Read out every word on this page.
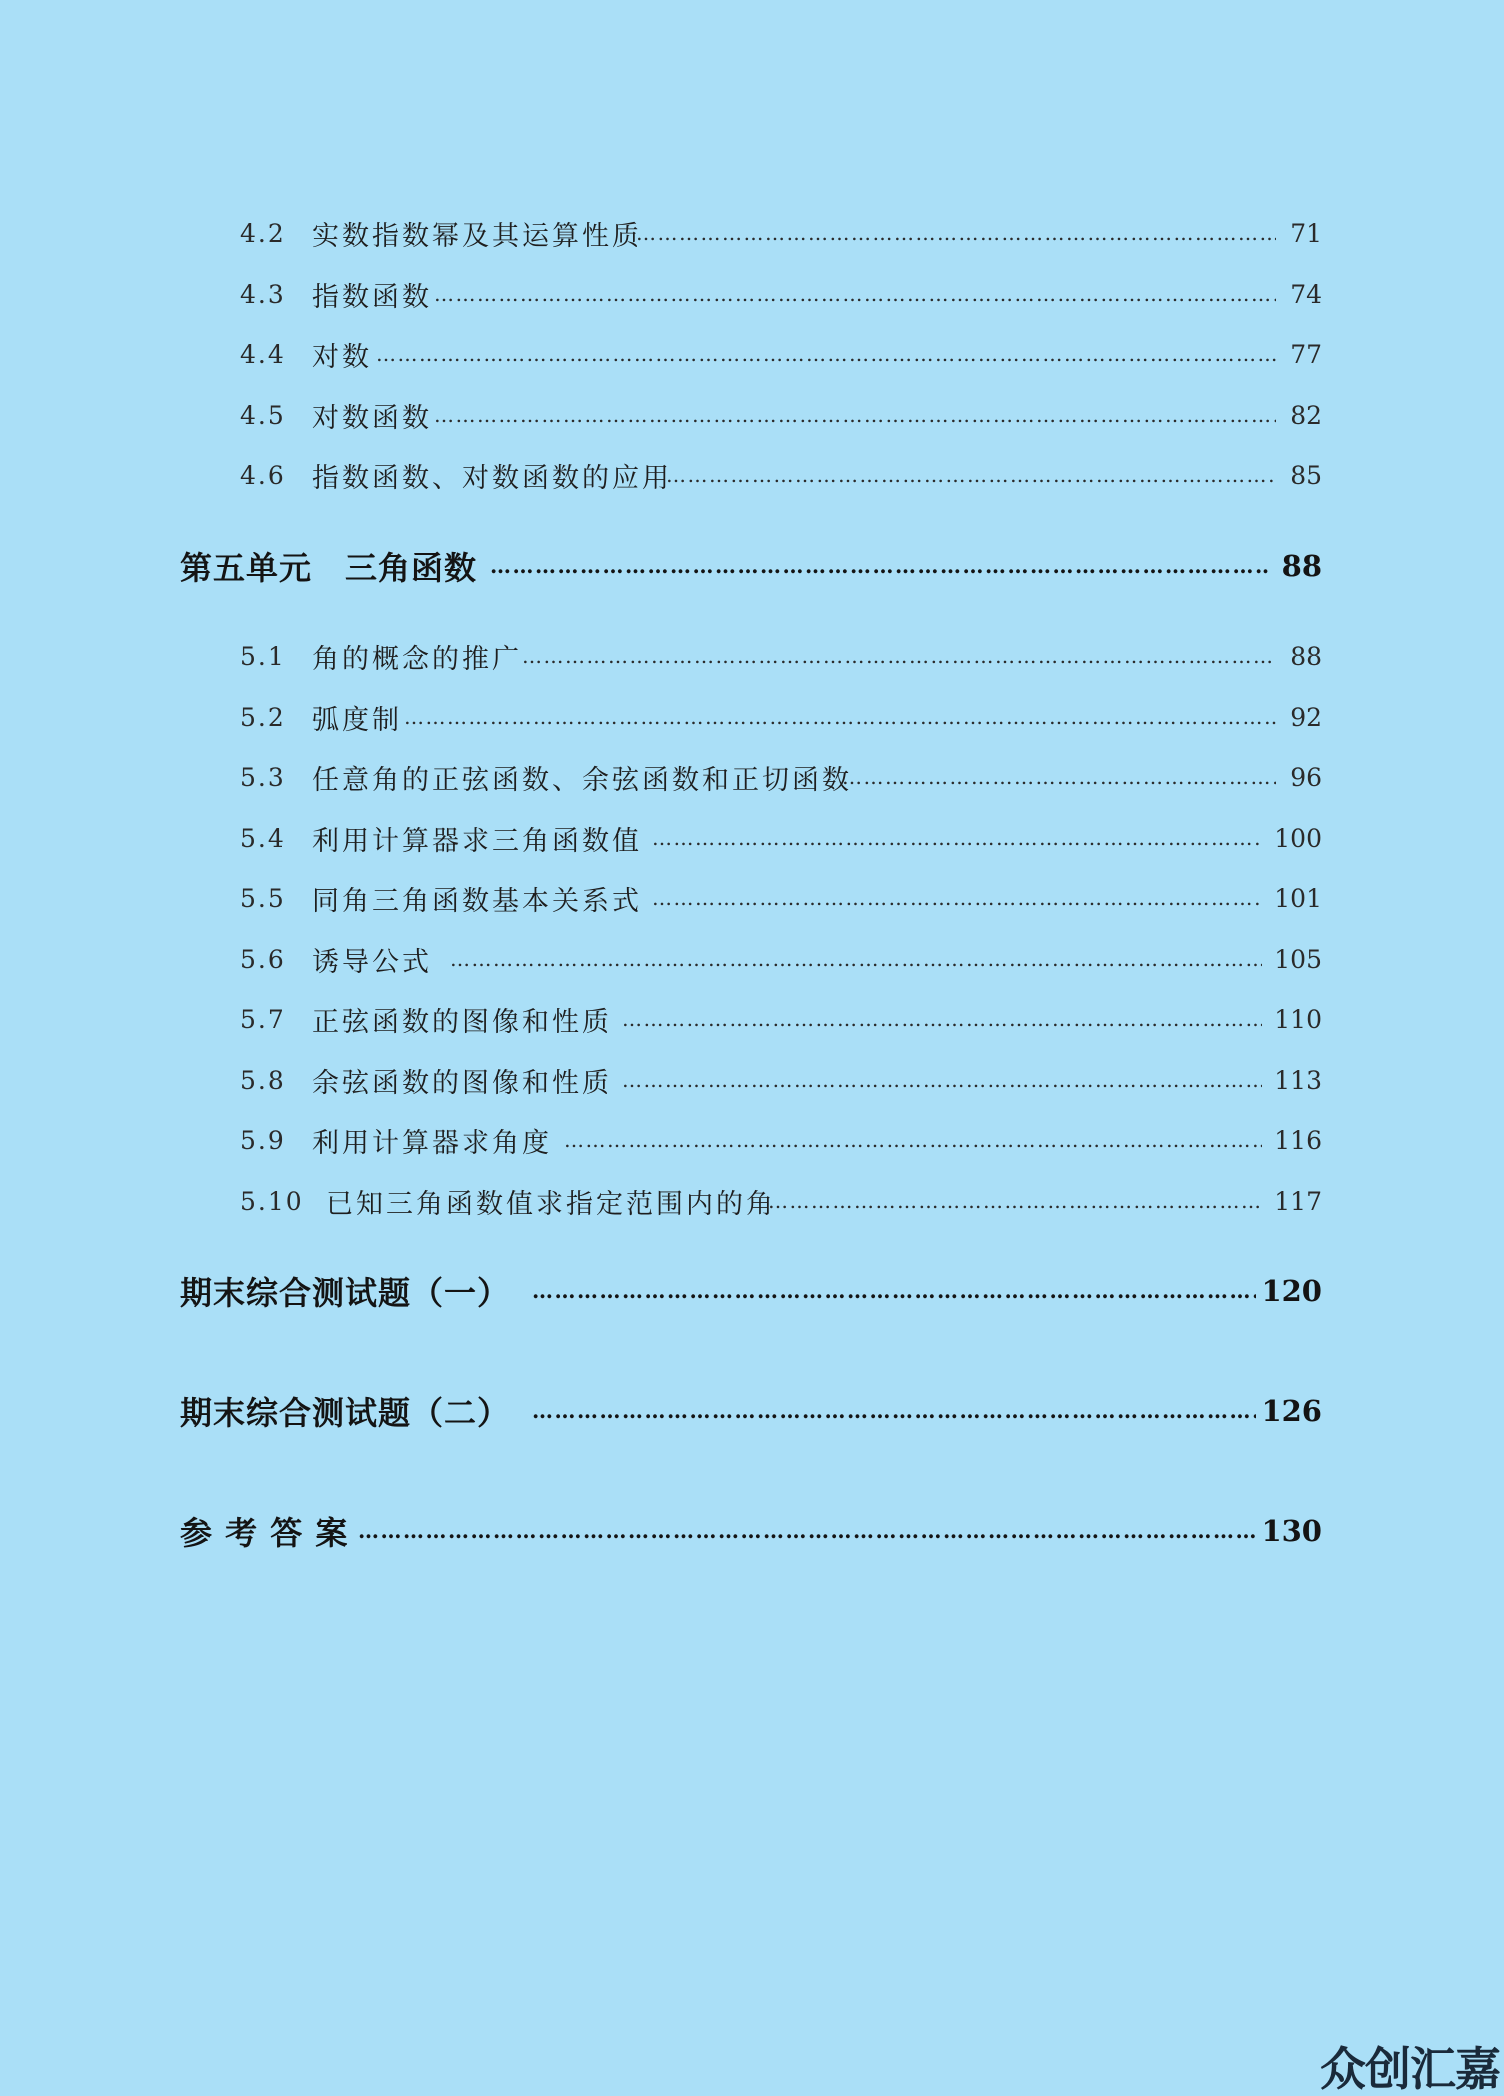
4.2 实数指数幂及其运算性质 …………………………………………………………………………………………………………………………………………………………………………………………………………	71
4.3 指数函数 …………………………………………………………………………………………………………………………………………………………………………………………………………	74
4.4 对数 …………………………………………………………………………………………………………………………………………………………………………………………………………	77
4.5 对数函数 …………………………………………………………………………………………………………………………………………………………………………………………………………	82
4.6 指数函数、对数函数的应用 …………………………………………………………………………………………………………………………………………………………………………………………………………	85
第五单元　三角函数 …………………………………………………………………………………………………………………………………………………………………………………………………………	88
5.1 角的概念的推广 …………………………………………………………………………………………………………………………………………………………………………………………………………	88
5.2 弧度制 …………………………………………………………………………………………………………………………………………………………………………………………………………	92
5.3 任意角的正弦函数、余弦函数和正切函数 …………………………………………………………………………………………………………………………………………………………………………………………………………	96
5.4 利用计算器求三角函数值 …………………………………………………………………………………………………………………………………………………………………………………………………………	100
5.5 同角三角函数基本关系式 …………………………………………………………………………………………………………………………………………………………………………………………………………	101
5.6 诱导公式 …………………………………………………………………………………………………………………………………………………………………………………………………………	105
5.7 正弦函数的图像和性质 …………………………………………………………………………………………………………………………………………………………………………………………………………	110
5.8 余弦函数的图像和性质 …………………………………………………………………………………………………………………………………………………………………………………………………………	113
5.9 利用计算器求角度 …………………………………………………………………………………………………………………………………………………………………………………………………………	116
5.10 已知三角函数值求指定范围内的角 …………………………………………………………………………………………………………………………………………………………………………………………………………	117
期末综合测试题（一） …………………………………………………………………………………………………………………………………………………………………………………………………………	120
期末综合测试题（二） …………………………………………………………………………………………………………………………………………………………………………………………………………	126
参 考 答 案 …………………………………………………………………………………………………………………………………………………………………………………………………………	130
众创汇嘉
